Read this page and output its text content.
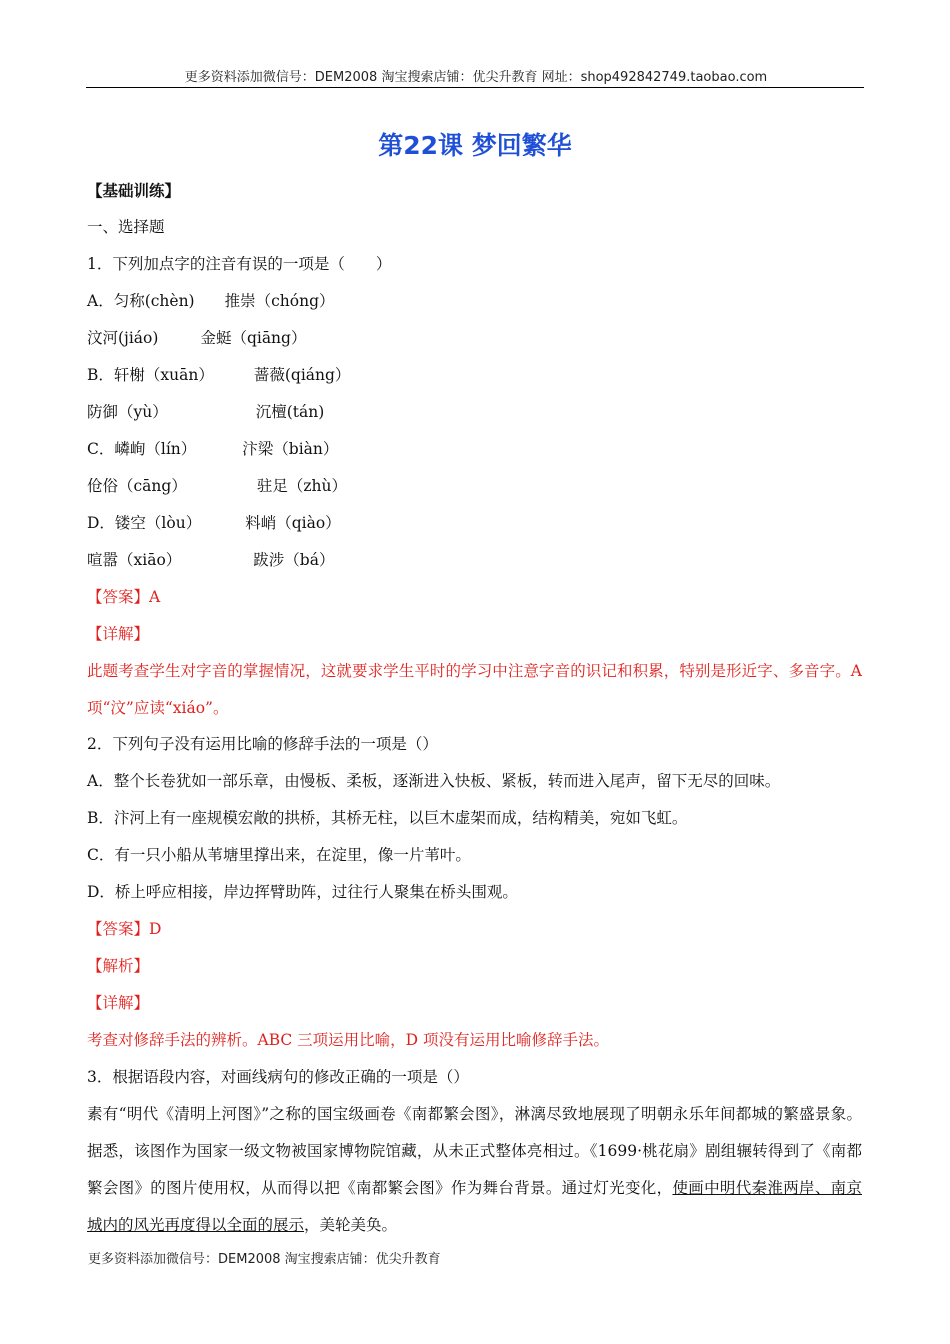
更多资料添加微信号：DEM2008 淘宝搜索店铺：优尖升教育 网址：shop492842749.taobao.com
第22课 梦回繁华
【基础训练】
一、选择题
1．下列加点字的注音有误的一项是（　　）
A．匀称(chèn) 推崇（chóng）
汶河(jiáo)	金蜓（qiāng）
B．轩榭（xuān）	蔷薇(qiáng）
防御（yù）	沉檀(tán)
C．嶙峋（lín）	汴梁（biàn）
伧俗（cāng）	驻足（zhù）
D．镂空（lòu）	料峭（qiào）
喧嚣（xiāo）	跋涉（bá）
【答案】A
【详解】
此题考查学生对字音的掌握情况，这就要求学生平时的学习中注意字音的识记和积累，特别是形近字、多音字。A 项“汶”应读“xiáo”。
2．下列句子没有运用比喻的修辞手法的一项是（）
A．整个长卷犹如一部乐章，由慢板、柔板，逐渐进入快板、紧板，转而进入尾声，留下无尽的回味。
B．汴河上有一座规模宏敞的拱桥，其桥无柱，以巨木虚架而成，结构精美，宛如飞虹。
C．有一只小船从苇塘里撑出来，在淀里，像一片苇叶。
D．桥上呼应相接，岸边挥臂助阵，过往行人聚集在桥头围观。
【答案】D
【解析】
【详解】
考查对修辞手法的辨析。ABC 三项运用比喻，D 项没有运用比喻修辞手法。
3．根据语段内容，对画线病句的修改正确的一项是（）
素有“明代《清明上河图》”之称的国宝级画卷《南都繁会图》，淋漓尽致地展现了明朝永乐年间都城的繁盛景象。据悉，该图作为国家一级文物被国家博物院馆藏，从未正式整体亮相过。《1699·桃花扇》剧组辗转得到了《南都繁会图》的图片使用权，从而得以把《南都繁会图》作为舞台背景。通过灯光变化，使画中明代秦淮两岸、南京城内的风光再度得以全面的展示，美轮美奂。
更多资料添加微信号：DEM2008 淘宝搜索店铺：优尖升教育
